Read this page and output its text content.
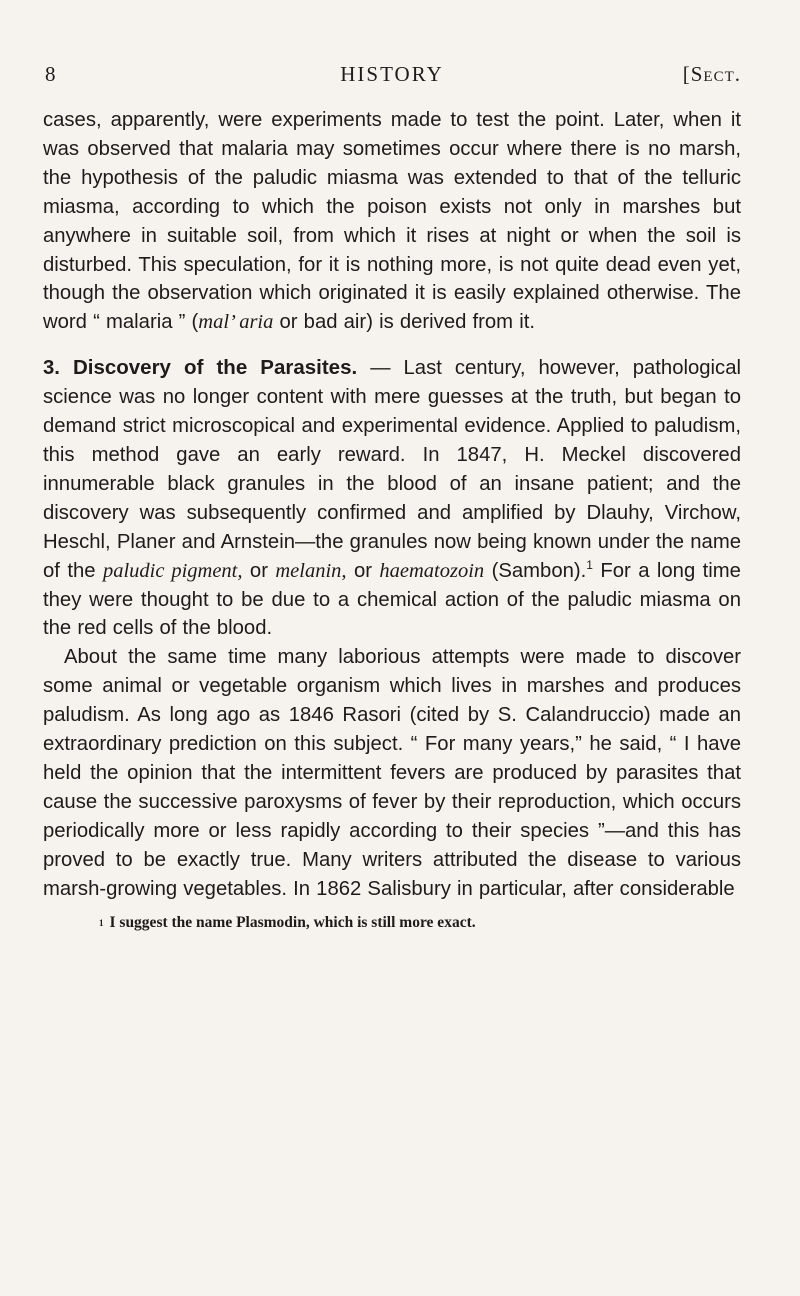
8	HISTORY	[Sect.

cases, apparently, were experiments made to test the point. Later, when it was observed that malaria may sometimes occur where there is no marsh, the hypothesis of the paludic miasma was extended to that of the telluric miasma, according to which the poison exists not only in marshes but anywhere in suitable soil, from which it rises at night or when the soil is disturbed. This speculation, for it is nothing more, is not quite dead even yet, though the observation which originated it is easily explained otherwise. The word “ malaria ” (mal’ aria or bad air) is derived from it.

3. Discovery of the Parasites. — Last century, however, pathological science was no longer content with mere guesses at the truth, but began to demand strict microscopical and experimental evidence. Applied to paludism, this method gave an early reward. In 1847, H. Meckel discovered innumerable black granules in the blood of an insane patient; and the discovery was subsequently confirmed and amplified by Dlauhy, Virchow, Heschl, Planer and Arnstein—the granules now being known under the name of the paludic pigment, or melanin, or haematozoin (Sambon).$^1$ For a long time they were thought to be due to a chemical action of the paludic miasma on the red cells of the blood.

About the same time many laborious attempts were made to discover some animal or vegetable organism which lives in marshes and produces paludism. As long ago as 1846 Rasori (cited by S. Calandruccio) made an extraordinary prediction on this subject. “ For many years,” he said, “ I have held the opinion that the intermittent fevers are produced by parasites that cause the successive paroxysms of fever by their reproduction, which occurs periodically more or less rapidly according to their species ”—and this has proved to be exactly true. Many writers attributed the disease to various marsh-growing vegetables. In 1862 Salisbury in particular, after considerable

$^1$ I suggest the name Plasmodin, which is still more exact.
